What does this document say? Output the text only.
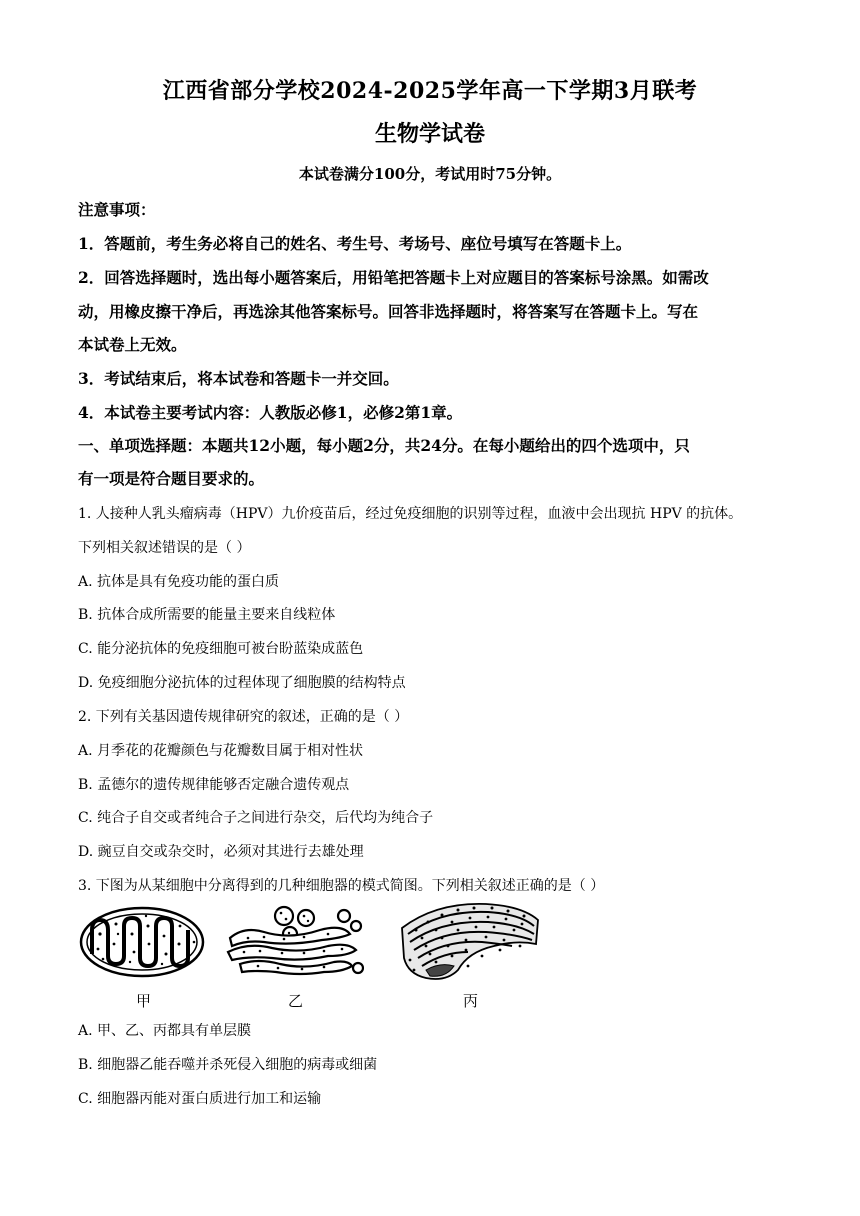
江西省部分学校2024-2025学年高一下学期3月联考
生物学试卷
本试卷满分100分，考试用时75分钟。
注意事项：
1．答题前，考生务必将自己的姓名、考生号、考场号、座位号填写在答题卡上。
2．回答选择题时，选出每小题答案后，用铅笔把答题卡上对应题目的答案标号涂黑。如需改
动，用橡皮擦干净后，再选涂其他答案标号。回答非选择题时，将答案写在答题卡上。写在
本试卷上无效。
3．考试结束后，将本试卷和答题卡一并交回。
4．本试卷主要考试内容：人教版必修1，必修2第1章。
一、单项选择题：本题共12小题，每小题2分，共24分。在每小题给出的四个选项中，只
有一项是符合题目要求的。
1. 人接种人乳头瘤病毒（HPV）九价疫苗后，经过免疫细胞的识别等过程，血液中会出现抗 HPV 的抗体。
下列相关叙述错误的是（ ）
A. 抗体是具有免疫功能的蛋白质
B. 抗体合成所需要的能量主要来自线粒体
C. 能分泌抗体的免疫细胞可被台盼蓝染成蓝色
D. 免疫细胞分泌抗体的过程体现了细胞膜的结构特点
2. 下列有关基因遗传规律研究的叙述，正确的是（ ）
A. 月季花的花瓣颜色与花瓣数目属于相对性状
B. 孟德尔的遗传规律能够否定融合遗传观点
C. 纯合子自交或者纯合子之间进行杂交，后代均为纯合子
D. 豌豆自交或杂交时，必须对其进行去雄处理
3. 下图为从某细胞中分离得到的几种细胞器的模式简图。下列相关叙述正确的是（ ）
甲	乙	丙
A. 甲、乙、丙都具有单层膜
B. 细胞器乙能吞噬并杀死侵入细胞的病毒或细菌
C. 细胞器丙能对蛋白质进行加工和运输
